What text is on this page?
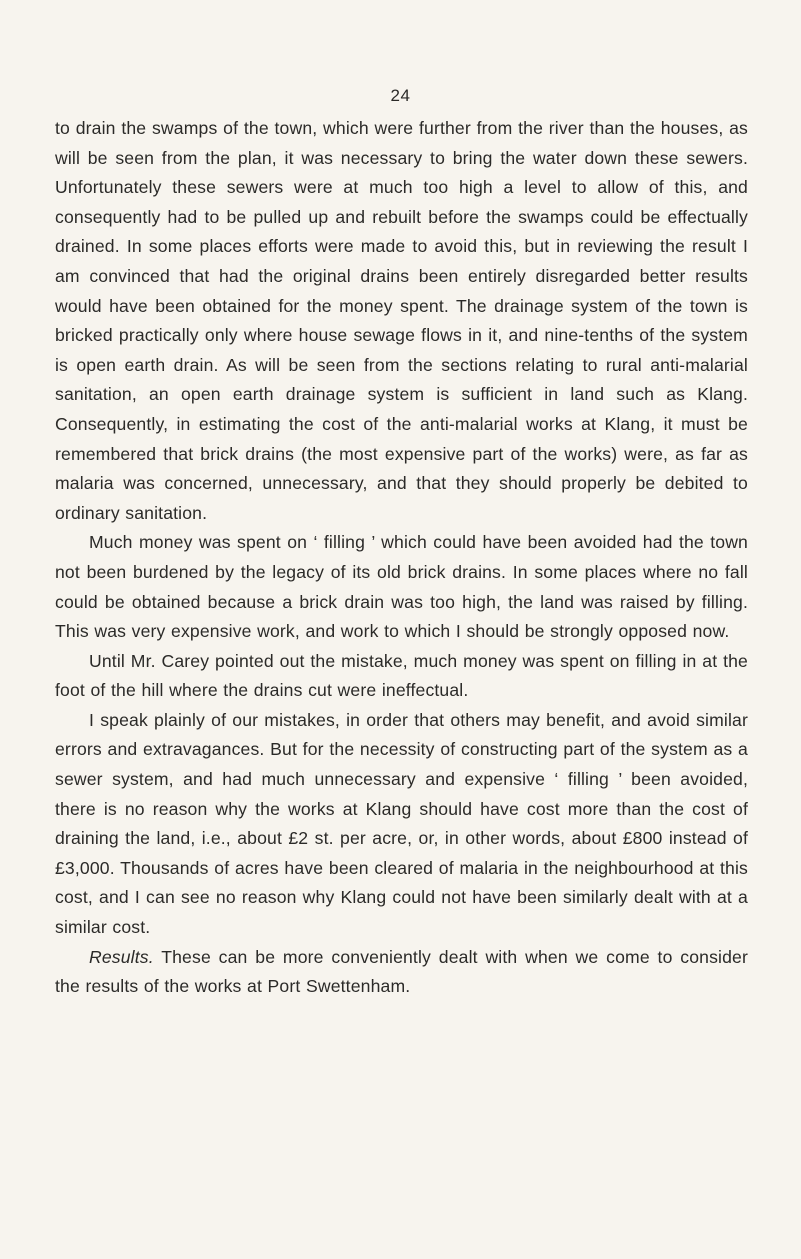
24

to drain the swamps of the town, which were further from the river than the houses, as will be seen from the plan, it was necessary to bring the water down these sewers. Unfortunately these sewers were at much too high a level to allow of this, and consequently had to be pulled up and rebuilt before the swamps could be effectually drained. In some places efforts were made to avoid this, but in reviewing the result I am convinced that had the original drains been entirely disregarded better results would have been obtained for the money spent. The drainage system of the town is bricked practically only where house sewage flows in it, and nine-tenths of the system is open earth drain. As will be seen from the sections relating to rural anti-malarial sanitation, an open earth drainage system is sufficient in land such as Klang. Consequently, in estimating the cost of the anti-malarial works at Klang, it must be remembered that brick drains (the most expensive part of the works) were, as far as malaria was concerned, unnecessary, and that they should properly be debited to ordinary sanitation.

Much money was spent on ‘ filling ’ which could have been avoided had the town not been burdened by the legacy of its old brick drains. In some places where no fall could be obtained because a brick drain was too high, the land was raised by filling. This was very expensive work, and work to which I should be strongly opposed now.

Until Mr. Carey pointed out the mistake, much money was spent on filling in at the foot of the hill where the drains cut were ineffectual.

I speak plainly of our mistakes, in order that others may benefit, and avoid similar errors and extravagances. But for the necessity of constructing part of the system as a sewer system, and had much unnecessary and expensive ‘ filling ’ been avoided, there is no reason why the works at Klang should have cost more than the cost of draining the land, i.e., about £2 st. per acre, or, in other words, about £800 instead of £3,000. Thousands of acres have been cleared of malaria in the neighbourhood at this cost, and I can see no reason why Klang could not have been similarly dealt with at a similar cost.

Results. These can be more conveniently dealt with when we come to consider the results of the works at Port Swettenham.
